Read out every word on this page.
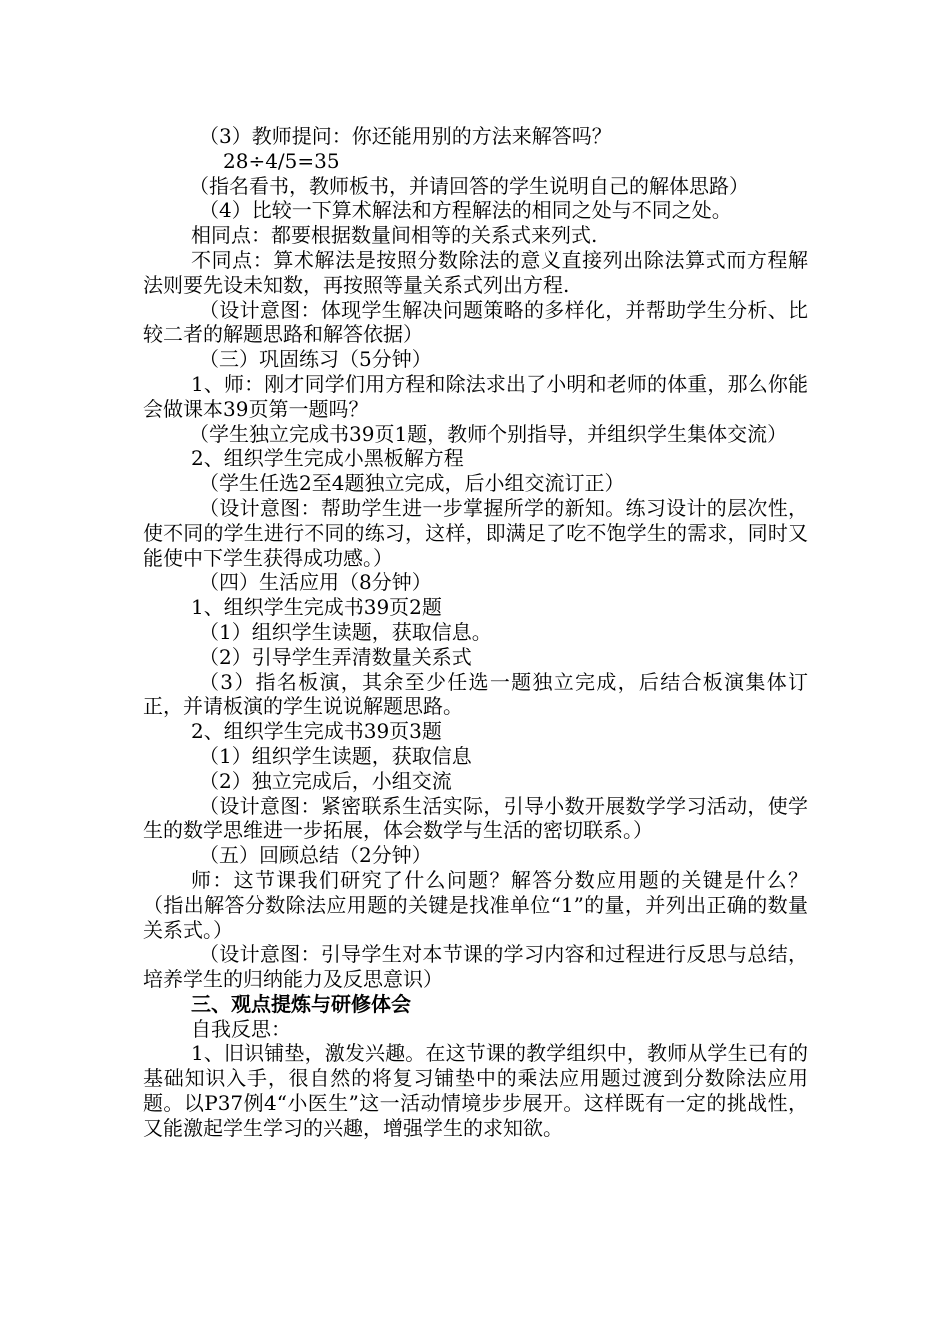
（3）教师提问：你还能用别的方法来解答吗？

28÷4/5=35

（指名看书，教师板书，并请回答的学生说明自己的解体思路）

（4）比较一下算术解法和方程解法的相同之处与不同之处。

相同点：都要根据数量间相等的关系式来列式.

不同点：算术解法是按照分数除法的意义直接列出除法算式而方程解法则要先设未知数，再按照等量关系式列出方程.

（设计意图：体现学生解决问题策略的多样化，并帮助学生分析、比较二者的解题思路和解答依据）

（三）巩固练习（5分钟）

1、师：刚才同学们用方程和除法求出了小明和老师的体重，那么你能会做课本39页第一题吗？

（学生独立完成书39页1题，教师个别指导，并组织学生集体交流）

2、组织学生完成小黑板解方程

（学生任选2至4题独立完成，后小组交流订正）

（设计意图：帮助学生进一步掌握所学的新知。练习设计的层次性，使不同的学生进行不同的练习，这样，即满足了吃不饱学生的需求，同时又能使中下学生获得成功感。）

（四）生活应用（8分钟）

1、组织学生完成书39页2题

（1）组织学生读题，获取信息。

（2）引导学生弄清数量关系式

（3）指名板演，其余至少任选一题独立完成，后结合板演集体订正，并请板演的学生说说解题思路。

2、组织学生完成书39页3题

（1）组织学生读题，获取信息

（2）独立完成后，小组交流

（设计意图：紧密联系生活实际，引导小数开展数学学习活动，使学生的数学思维进一步拓展，体会数学与生活的密切联系。）

（五）回顾总结（2分钟）

师：这节课我们研究了什么问题？解答分数应用题的关键是什么？（指出解答分数除法应用题的关键是找准单位“1”的量，并列出正确的数量关系式。）

（设计意图：引导学生对本节课的学习内容和过程进行反思与总结，培养学生的归纳能力及反思意识）

三、观点提炼与研修体会

自我反思：

1、旧识铺垫，激发兴趣。在这节课的教学组织中，教师从学生已有的基础知识入手，很自然的将复习铺垫中的乘法应用题过渡到分数除法应用题。以P37例4“小医生”这一活动情境步步展开。这样既有一定的挑战性，又能激起学生学习的兴趣，增强学生的求知欲。
